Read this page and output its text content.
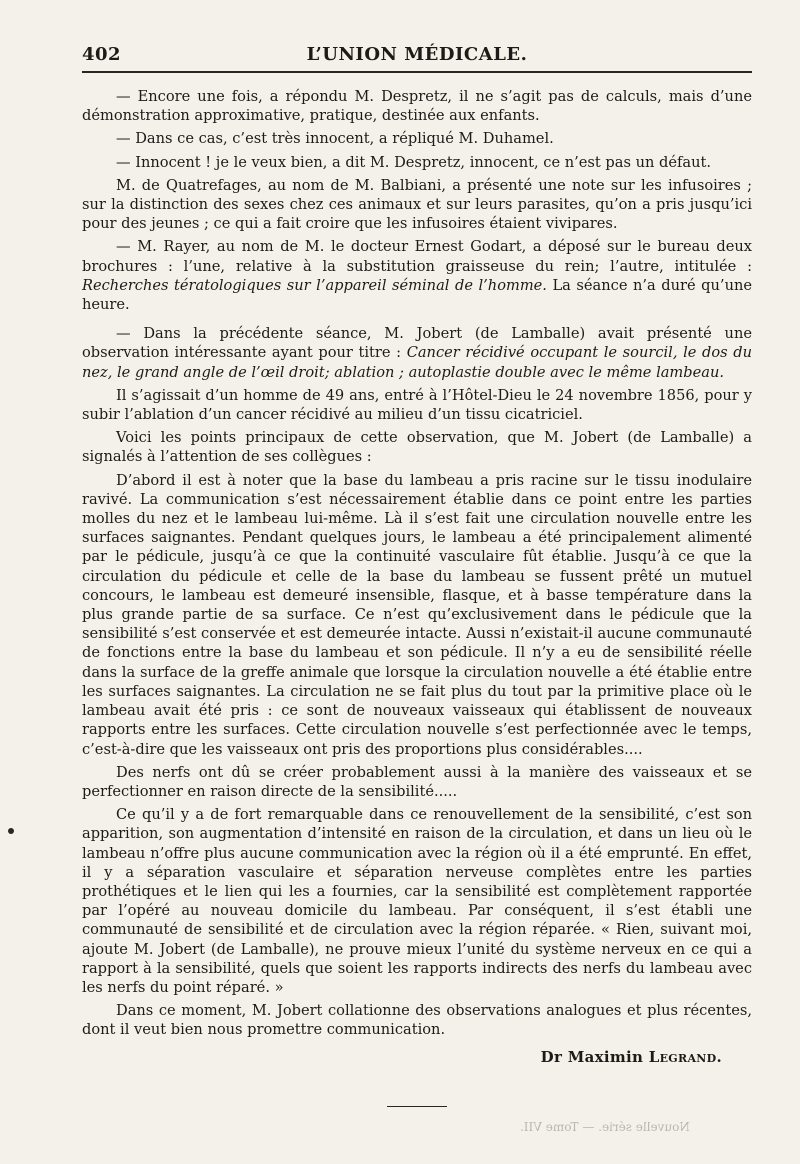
402	L’UNION MÉDICALE.

— Encore une fois, a répondu M. Despretz, il ne s’agit pas de calculs, mais d’une démonstration approximative, pratique, destinée aux enfants.

— Dans ce cas, c’est très innocent, a répliqué M. Duhamel.

— Innocent ! je le veux bien, a dit M. Despretz, innocent, ce n’est pas un défaut.

M. de Quatrefages, au nom de M. Balbiani, a présenté une note sur les infusoires ; sur la distinction des sexes chez ces animaux et sur leurs parasites, qu’on a pris jusqu’ici pour des jeunes ; ce qui a fait croire que les infusoires étaient vivipares.

— M. Rayer, au nom de M. le docteur Ernest Godart, a déposé sur le bureau deux brochures : l’une, relative à la substitution graisseuse du rein; l’autre, intitulée : Recherches tératologiques sur l’appareil séminal de l’homme. La séance n’a duré qu’une heure.

— Dans la précédente séance, M. Jobert (de Lamballe) avait présenté une observation intéressante ayant pour titre : Cancer récidivé occupant le sourcil, le dos du nez, le grand angle de l’œil droit; ablation ; autoplastie double avec le même lambeau.

Il s’agissait d’un homme de 49 ans, entré à l’Hôtel-Dieu le 24 novembre 1856, pour y subir l’ablation d’un cancer récidivé au milieu d’un tissu cicatriciel.

Voici les points principaux de cette observation, que M. Jobert (de Lamballe) a signalés à l’attention de ses collègues :

D’abord il est à noter que la base du lambeau a pris racine sur le tissu inodulaire ravivé. La communication s’est nécessairement établie dans ce point entre les parties molles du nez et le lambeau lui-même. Là il s’est fait une circulation nouvelle entre les surfaces saignantes. Pendant quelques jours, le lambeau a été principalement alimenté par le pédicule, jusqu’à ce que la continuité vasculaire fût établie. Jusqu’à ce que la circulation du pédicule et celle de la base du lambeau se fussent prêté un mutuel concours, le lambeau est demeuré insensible, flasque, et à basse température dans la plus grande partie de sa surface. Ce n’est qu’exclusivement dans le pédicule que la sensibilité s’est conservée et est demeurée intacte. Aussi n’existait-il aucune communauté de fonctions entre la base du lambeau et son pédicule. Il n’y a eu de sensibilité réelle dans la surface de la greffe animale que lorsque la circulation nouvelle a été établie entre les surfaces saignantes. La circulation ne se fait plus du tout par la primitive place où le lambeau avait été pris : ce sont de nouveaux vaisseaux qui établissent de nouveaux rapports entre les surfaces. Cette circulation nouvelle s’est perfectionnée avec le temps, c’est-à-dire que les vaisseaux ont pris des proportions plus considérables....

Des nerfs ont dû se créer probablement aussi à la manière des vaisseaux et se perfectionner en raison directe de la sensibilité.....

Ce qu’il y a de fort remarquable dans ce renouvellement de la sensibilité, c’est son apparition, son augmentation d’intensité en raison de la circulation, et dans un lieu où le lambeau n’offre plus aucune communication avec la région où il a été emprunté. En effet, il y a séparation vasculaire et séparation nerveuse complètes entre les parties prothétiques et le lien qui les a fournies, car la sensibilité est complètement rapportée par l’opéré au nouveau domicile du lambeau. Par conséquent, il s’est établi une communauté de sensibilité et de circulation avec la région réparée. « Rien, suivant moi, ajoute M. Jobert (de Lamballe), ne prouve mieux l’unité du système nerveux en ce qui a rapport à la sensibilité, quels que soient les rapports indirects des nerfs du lambeau avec les nerfs du point réparé. »

Dans ce moment, M. Jobert collationne des observations analogues et plus récentes, dont il veut bien nous promettre communication.

Dr Maximin Legrand.
Nouvelle série. — Tome VII.
